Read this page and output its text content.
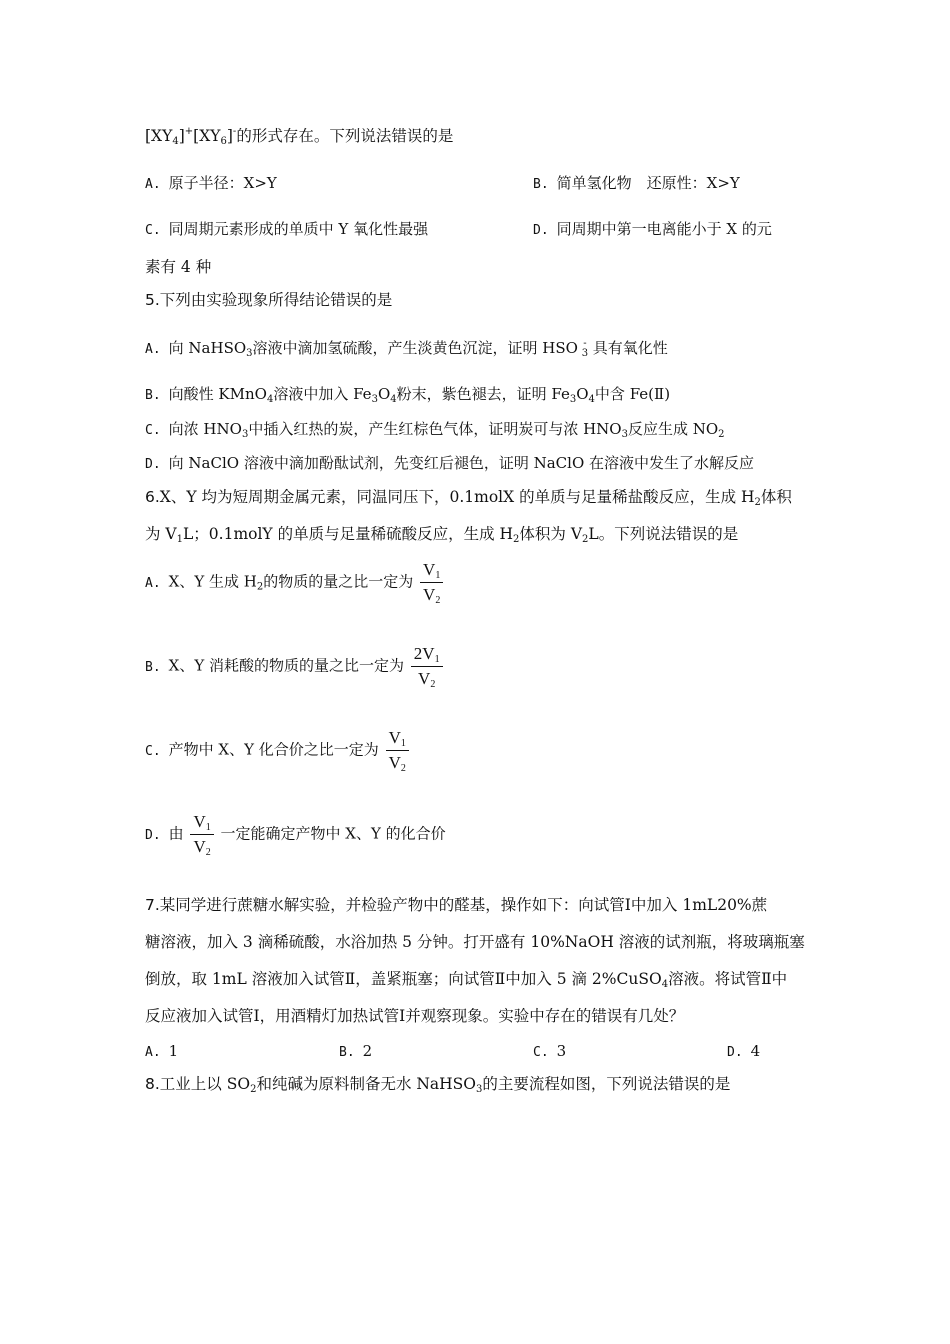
$[XY_4]^+[XY_6]^-$的形式存在。下列说法错误的是
A. 原子半径：X>Y	B. 简单氢化物　还原性：X>Y
C. 同周期元素形成的单质中 Y 氧化性最强	D. 同周期中第一电离能小于 X 的元
素有 4 种
5.下列由实验现象所得结论错误的是
A. 向 NaHSO$_3$溶液中滴加氢硫酸，产生淡黄色沉淀，证明 HSO -
3 具有氧化性
B. 向酸性 KMnO$_4$溶液中加入 $Fe_3O_4$粉末，紫色褪去，证明 $Fe_3O_4$中含 Fe(Ⅱ)
C. 向浓 $HNO_3$中插入红热的炭，产生红棕色气体，证明炭可与浓 $HNO_3$反应生成 $NO_2$
D. 向 NaClO 溶液中滴加酚酞试剂，先变红后褪色，证明 NaClO 在溶液中发生了水解反应
6.X、Y 均为短周期金属元素，同温同压下，0.1molX 的单质与足量稀盐酸反应，生成 $H_2$体积
为 $V_1L$；0.1molY 的单质与足量稀硫酸反应，生成 $H_2$体积为 $V_2L$。下列说法错误的是
A. X、Y 生成 $H_2$的物质的量之比一定为 $\frac{V_1}{V_2}$
B. X、Y 消耗酸的物质的量之比一定为 $\frac{2V_1}{V_2}$
C. 产物中 X、Y 化合价之比一定为 $\frac{V_1}{V_2}$
D. 由 $\frac{V_1}{V_2}$ 一定能确定产物中 X、Y 的化合价
7.某同学进行蔗糖水解实验，并检验产物中的醛基，操作如下：向试管Ⅰ中加入 1mL20%蔗
糖溶液，加入 3 滴稀硫酸，水浴加热 5 分钟。打开盛有 10%NaOH 溶液的试剂瓶，将玻璃瓶塞
倒放，取 1mL 溶液加入试管Ⅱ，盖紧瓶塞；向试管Ⅱ中加入 5 滴 2%CuSO$_4$溶液。将试管Ⅱ中
反应液加入试管Ⅰ，用酒精灯加热试管Ⅰ并观察现象。实验中存在的错误有几处？
A. 1	B. 2	C. 3	D. 4
8.工业上以 $SO_2$和纯碱为原料制备无水 NaHSO$_3$的主要流程如图，下列说法错误的是
